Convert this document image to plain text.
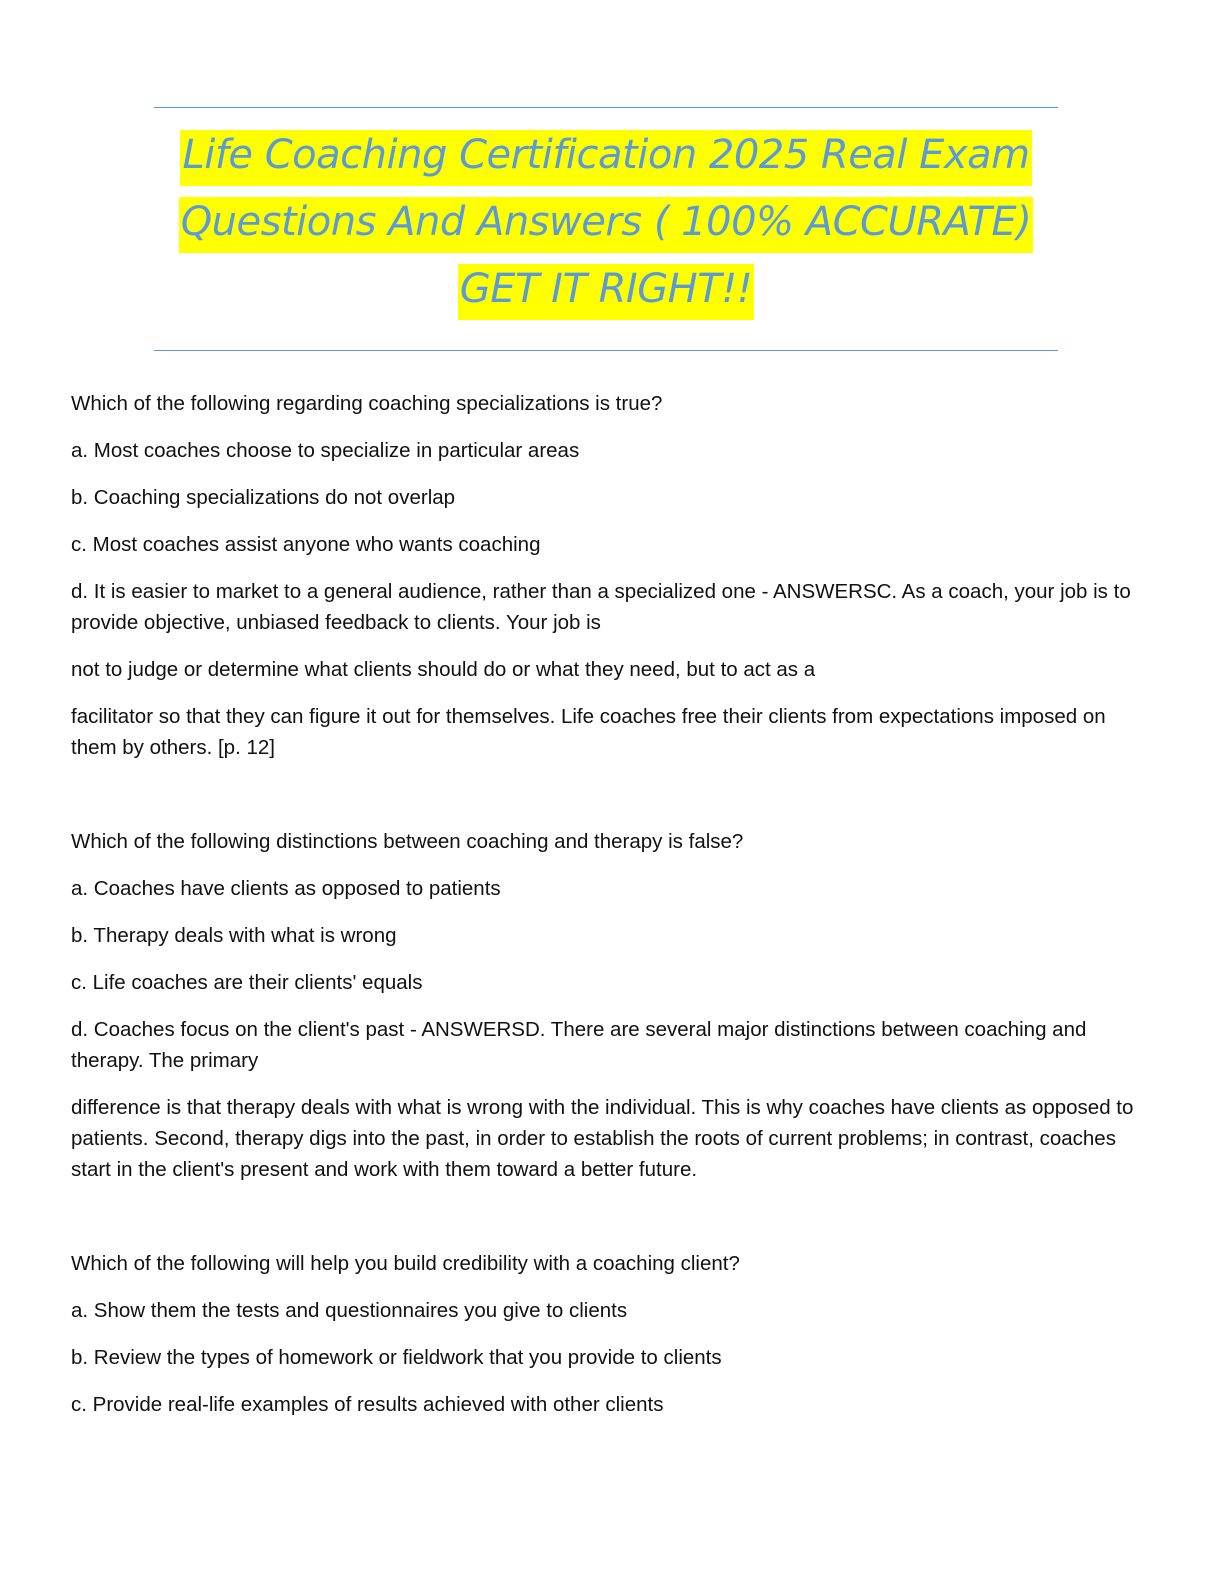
Life Coaching Certification 2025 Real Exam
Questions And Answers ( 100% ACCURATE)
GET IT RIGHT!!

Which of the following regarding coaching specializations is true?

a. Most coaches choose to specialize in particular areas

b. Coaching specializations do not overlap

c. Most coaches assist anyone who wants coaching

d. It is easier to market to a general audience, rather than a specialized one - ANSWERSC. As a coach, your job is to provide objective, unbiased feedback to clients. Your job is

not to judge or determine what clients should do or what they need, but to act as a

facilitator so that they can figure it out for themselves. Life coaches free their clients from expectations imposed on them by others. [p. 12]

Which of the following distinctions between coaching and therapy is false?

a. Coaches have clients as opposed to patients

b. Therapy deals with what is wrong

c. Life coaches are their clients' equals

d. Coaches focus on the client's past - ANSWERSD. There are several major distinctions between coaching and therapy. The primary

difference is that therapy deals with what is wrong with the individual. This is why coaches have clients as opposed to patients. Second, therapy digs into the past, in order to establish the roots of current problems; in contrast, coaches start in the client's present and work with them toward a better future.

Which of the following will help you build credibility with a coaching client?

a. Show them the tests and questionnaires you give to clients

b. Review the types of homework or fieldwork that you provide to clients

c. Provide real-life examples of results achieved with other clients
